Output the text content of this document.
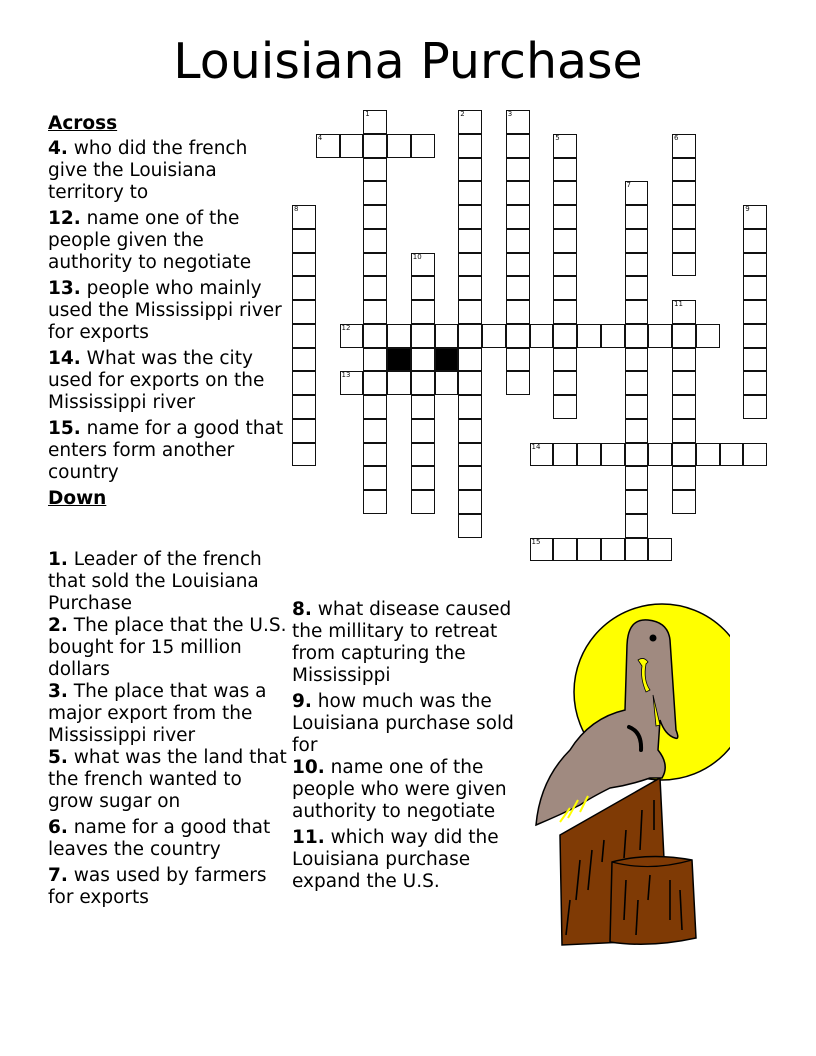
Louisiana Purchase
Across
4. who did the french give the Louisiana territory to
12. name one of the people given the authority to negotiate
13. people who mainly used the Mississippi river for exports
14. What was the city used for exports on the Mississippi river
15. name for a good that enters form another country
Down
1. Leader of the french that sold the Louisiana Purchase
2. The place that the U.S. bought for 15 million dollars
3. The place that was a major export from the Mississippi river
5. what was the land that the french wanted to grow sugar on
6. name for a good that leaves the country
7. was used by farmers for exports
8. what disease caused the millitary to retreat from capturing the Mississippi
9. how much was the Louisiana purchase sold for
10. name one of the people who were given authority to negotiate
11. which way did the Louisiana purchase expand the U.S.
1	2	3
4	5	6
7
8	9
10
11
12
13
14
15
